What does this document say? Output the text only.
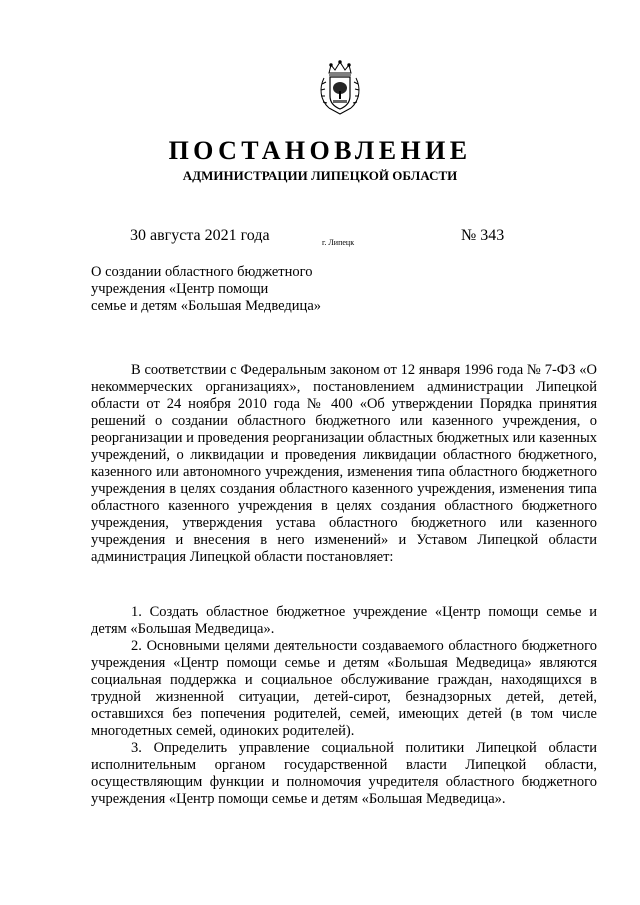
ПОСТАНОВЛЕНИЕ
АДМИНИСТРАЦИИ ЛИПЕЦКОЙ ОБЛАСТИ
30 августа 2021 года	г. Липецк	№ 343
О создании областного бюджетного
учреждения «Центр помощи
семье и детям «Большая Медведица»

В соответствии с Федеральным законом от 12 января 1996 года № 7-ФЗ «О некоммерческих организациях», постановлением администрации Липецкой области от 24 ноября 2010 года № 400 «Об утверждении Порядка принятия решений о создании областного бюджетного или казенного учреждения, о реорганизации и проведения реорганизации областных бюджетных или казенных учреждений, о ликвидации и проведения ликвидации областного бюджетного, казенного или автономного учреждения, изменения типа областного бюджетного учреждения в целях создания областного казенного учреждения, изменения типа областного казенного учреждения в целях создания областного бюджетного учреждения, утверждения устава областного бюджетного или казенного учреждения и внесения в него изменений» и Уставом Липецкой области администрация Липецкой области постановляет:

1. Создать областное бюджетное учреждение «Центр помощи семье и детям «Большая Медведица».

2. Основными целями деятельности создаваемого областного бюджетного учреждения «Центр помощи семье и детям «Большая Медведица» являются социальная поддержка и социальное обслуживание граждан, находящихся в трудной жизненной ситуации, детей-сирот, безнадзорных детей, детей, оставшихся без попечения родителей, семей, имеющих детей (в том числе многодетных семей, одиноких родителей).

3. Определить управление социальной политики Липецкой области исполнительным органом государственной власти Липецкой области, осуществляющим функции и полномочия учредителя областного бюджетного учреждения «Центр помощи семье и детям «Большая Медведица».
